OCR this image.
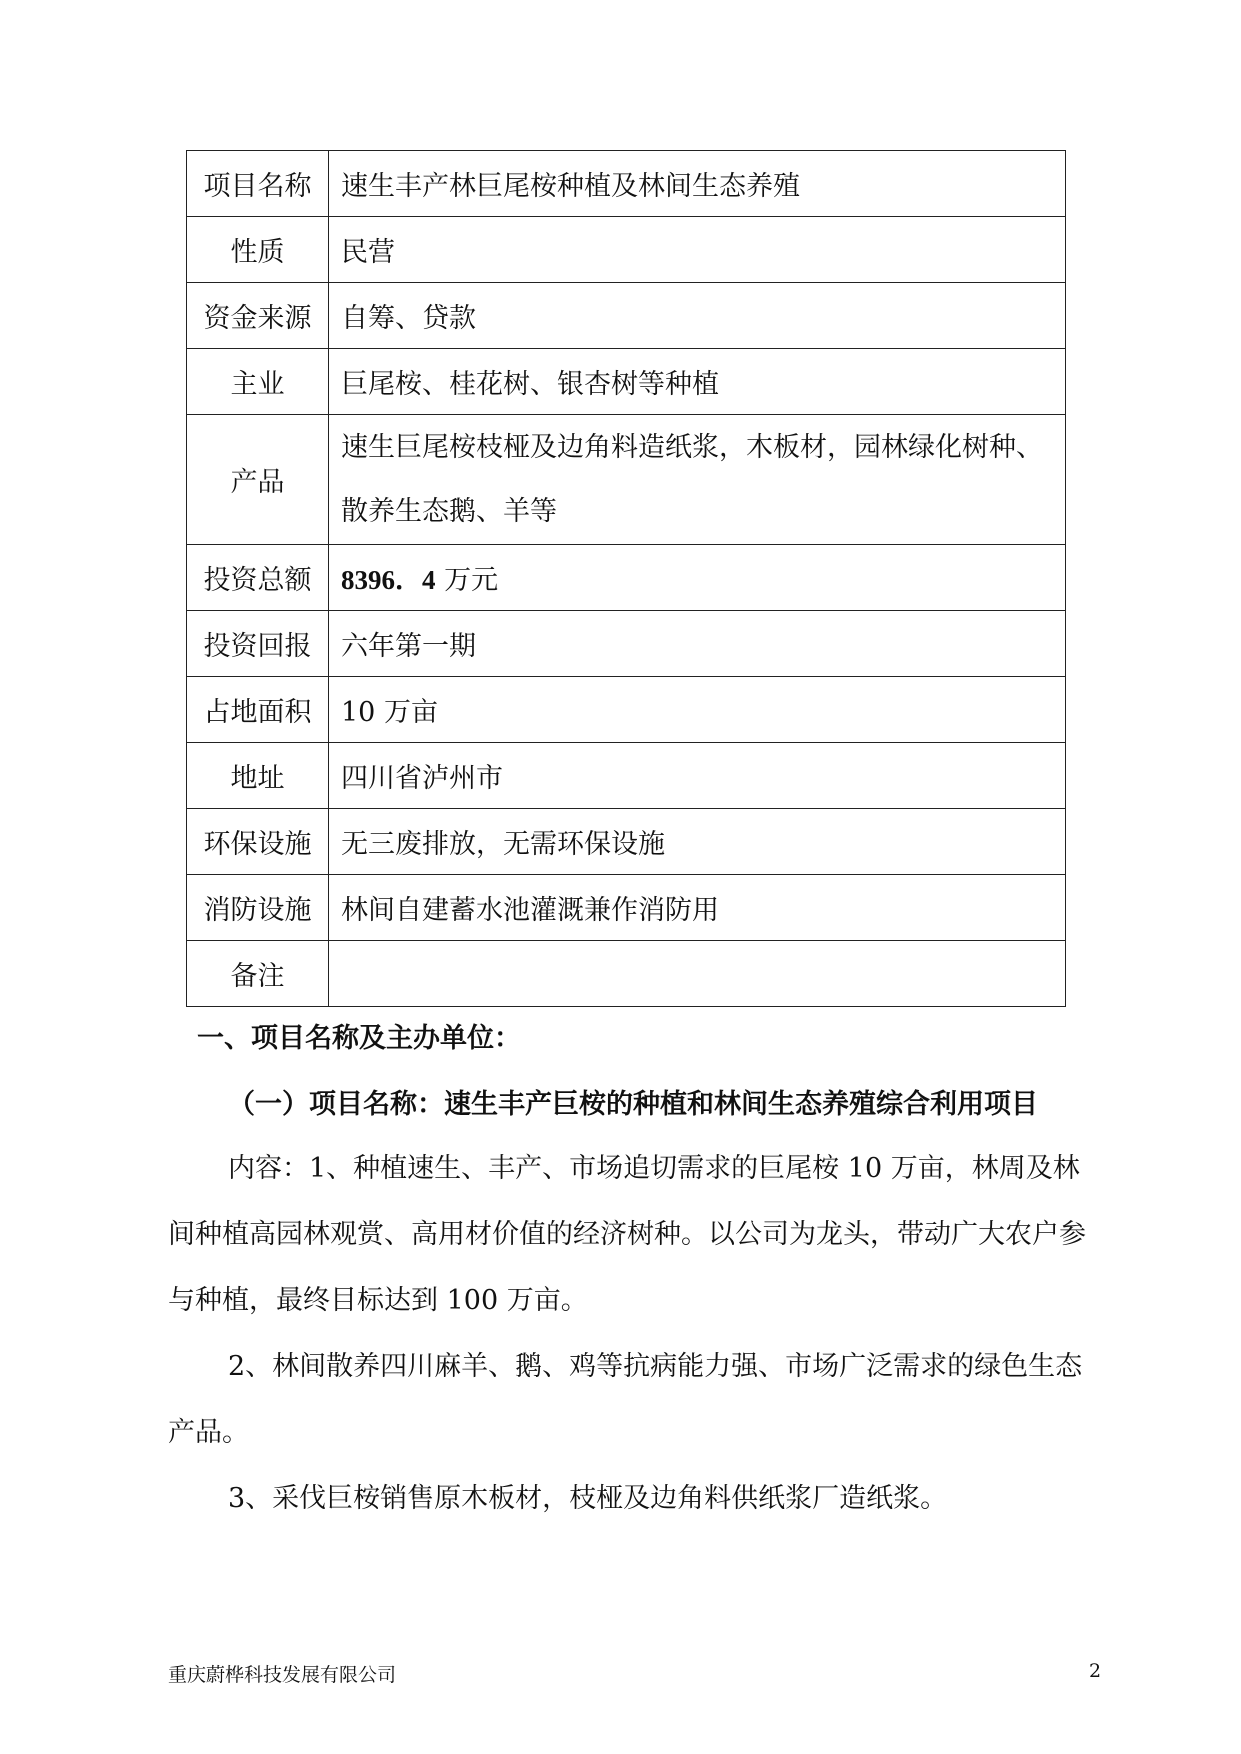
项目名称	速生丰产林巨尾桉种植及林间生态养殖
性质	民营
资金来源	自筹、贷款
主业	巨尾桉、桂花树、银杏树等种植
产品	速生巨尾桉枝桠及边角料造纸浆，木板材，园林绿化树种、
散养生态鹅、羊等

投资总额	8396．4 万元
投资回报	六年第一期
占地面积	10 万亩
地址	四川省泸州市
环保设施	无三废排放，无需环保设施
消防设施	林间自建蓄水池灌溉兼作消防用
备注	
一、项目名称及主办单位：
（一）项目名称：速生丰产巨桉的种植和林间生态养殖综合利用项目

内容：1、种植速生、丰产、市场追切需求的巨尾桉 10 万亩，林周及林间种植高园林观赏、高用材价值的经济树种。以公司为龙头，带动广大农户参与种植，最终目标达到 100 万亩。

2、林间散养四川麻羊、鹅、鸡等抗病能力强、市场广泛需求的绿色生态产品。

3、采伐巨桉销售原木板材，枝桠及边角料供纸浆厂造纸浆。

重庆蔚桦科技发展有限公司	2
